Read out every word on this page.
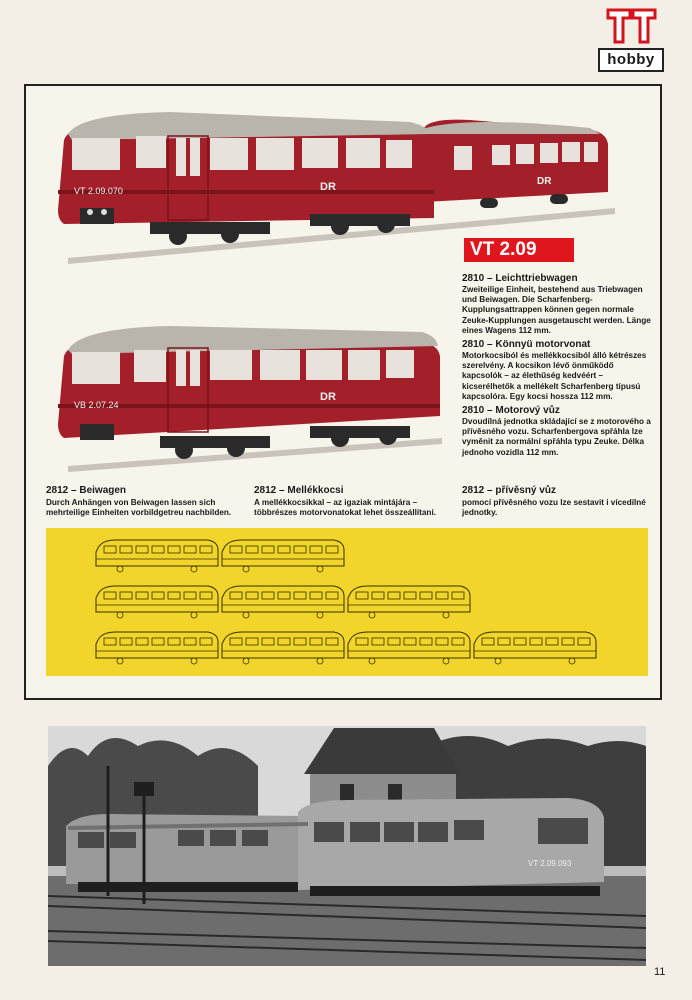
hobby
DR
VT 2.09.070	DR
VT 2.09
2810 – Leichttriebwagen
Zweiteilige Einheit, bestehend aus Triebwagen und Beiwagen. Die Scharfenberg-Kupplungsattrappen können gegen normale Zeuke-Kupplungen ausgetauscht werden. Länge eines Wagens 112 mm.
2810 – Könnyü motorvonat
Motorkocsiból és mellékkocsiból álló kétrészes szerelvény. A kocsikon lévő önműködő kapcsolók – az élethűség kedvéért – kicserélhetők a mellékelt Scharfenberg típusú kapcsolóra. Egy kocsi hossza 112 mm.
2810 – Motorový vůz
Dvoudílná jednotka skládající se z motorového a přívěsného vozu. Scharfenbergova spřáhla lze vyměnit za normální spřáhla typu Zeuke. Délka jednoho vozidla 112 mm.
VB 2.07.24
DR
2812 – Beiwagen
Durch Anhängen von Beiwagen lassen sich mehrteilige Einheiten vorbildgetreu nachbilden.
2812 – Mellékkocsi
A mellékkocsikkal – az igaziak mintájára – többrészes motorvonatokat lehet összeállítani.
2812 – přívěsný vůz
pomocí přívěsného vozu lze sestavit i vícedílné jednotky.
VT 2.09.093
11
